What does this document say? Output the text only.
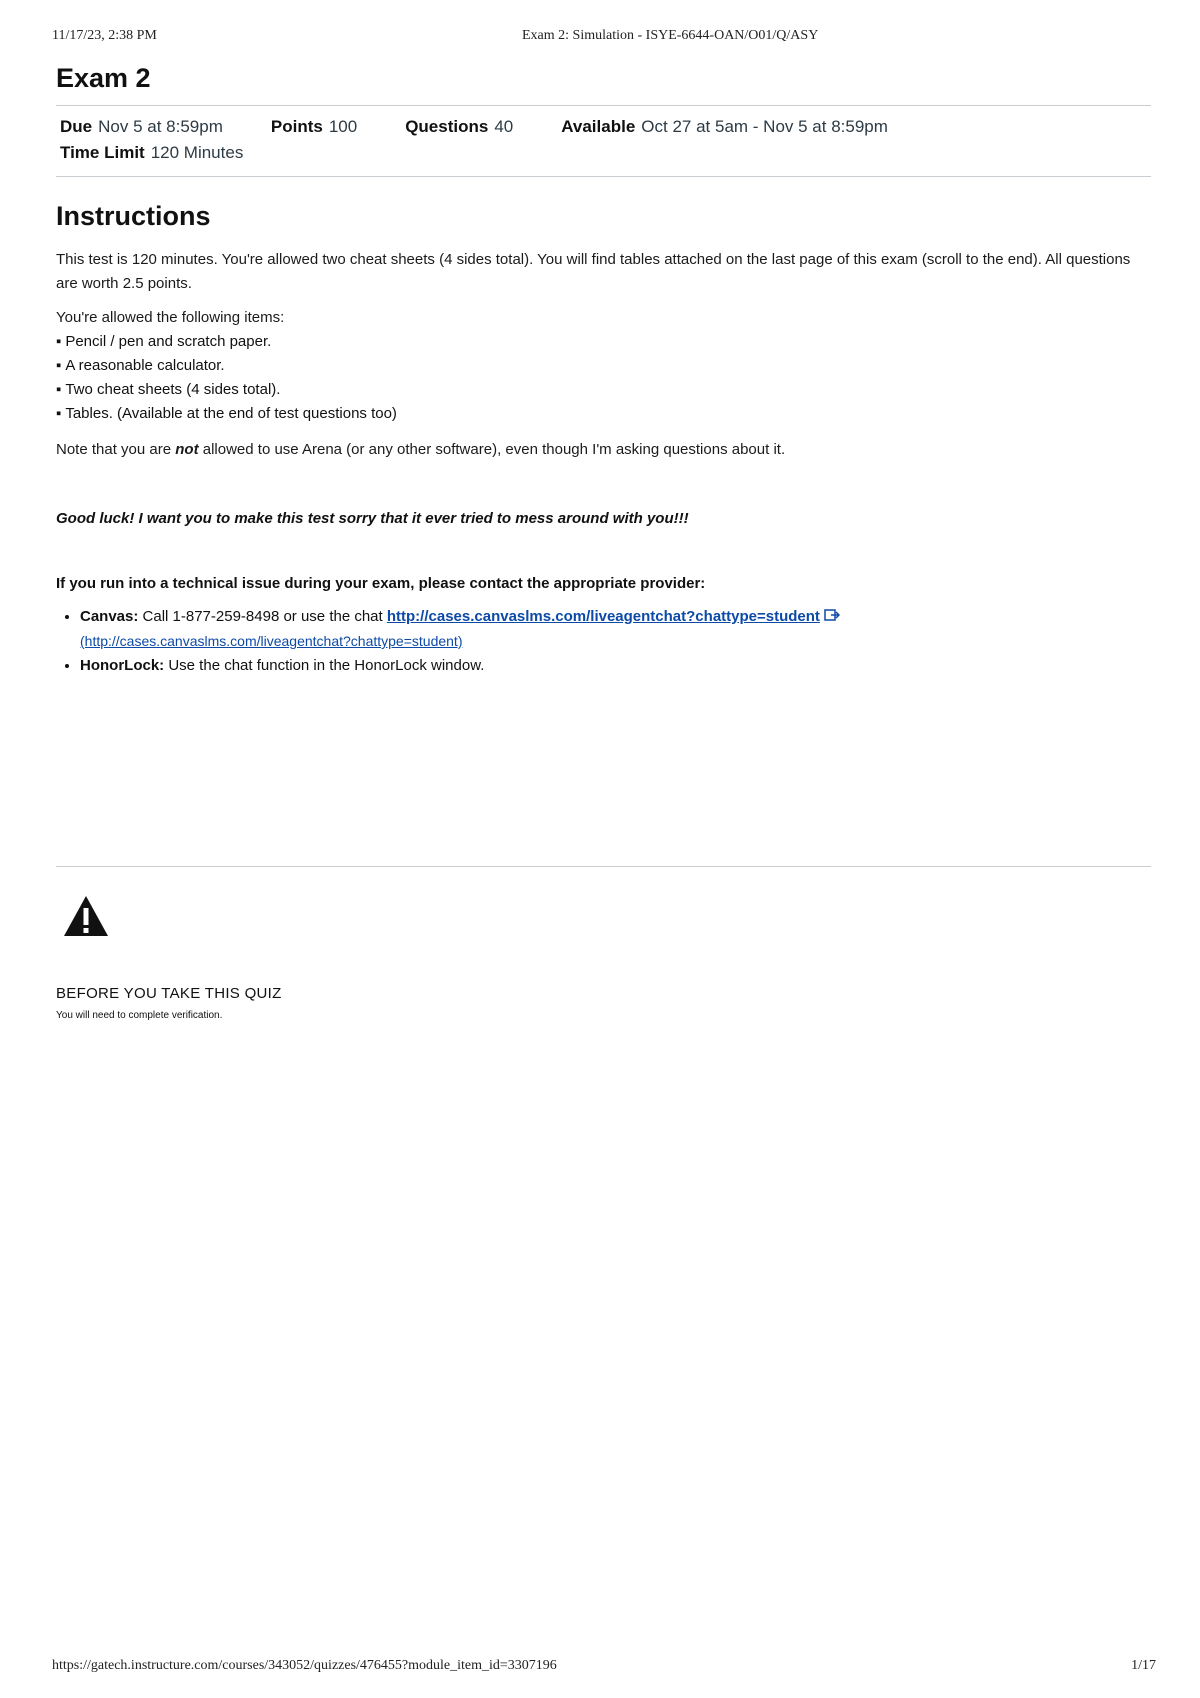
11/17/23, 2:38 PM	Exam 2: Simulation - ISYE-6644-OAN/O01/Q/ASY
Exam 2
Due Nov 5 at 8:59pm	Points 100	Questions 40	Available Oct 27 at 5am - Nov 5 at 8:59pm
Time Limit 120 Minutes
Instructions

This test is 120 minutes. You're allowed two cheat sheets (4 sides total). You will find tables attached on the last page of this exam (scroll to the end). All questions are worth 2.5 points.

You're allowed the following items:

▪ Pencil / pen and scratch paper.
▪ A reasonable calculator.
▪ Two cheat sheets (4 sides total).
▪ Tables. (Available at the end of test questions too)

Note that you are not allowed to use Arena (or any other software), even though I'm asking questions about it.

Good luck! I want you to make this test sorry that it ever tried to mess around with you!!!

If you run into a technical issue during your exam, please contact the appropriate provider:

• Canvas: Call 1-877-259-8498 or use the chat http://cases.canvaslms.com/liveagentchat?chattype=student
(http://cases.canvaslms.com/liveagentchat?chattype=student)
• HonorLock: Use the chat function in the HonorLock window.
BEFORE YOU TAKE THIS QUIZ
You will need to complete verification.
https://gatech.instructure.com/courses/343052/quizzes/476455?module_item_id=3307196	1/17
